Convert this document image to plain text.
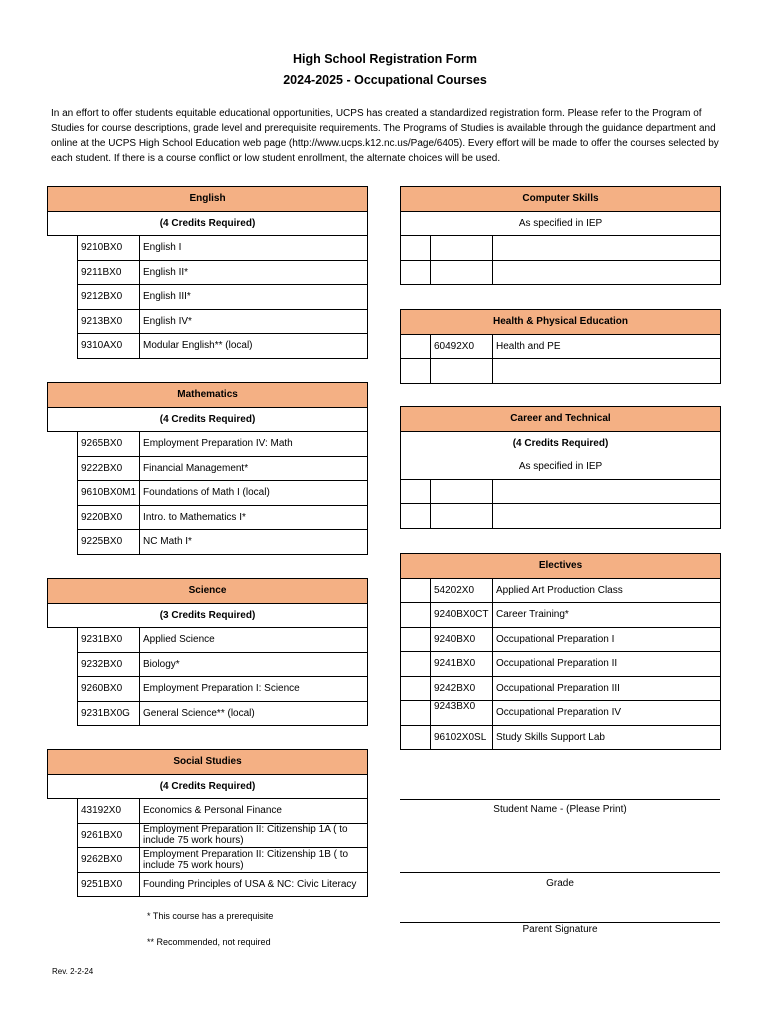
High School Registration Form
2024-2025 - Occupational Courses
In an effort to offer students equitable educational opportunities, UCPS has created a standardized registration form. Please refer to the Program of Studies for course descriptions, grade level and prerequisite requirements. The Programs of Studies is available through the guidance department and online at the UCPS High School Education web page (http://www.ucps.k12.nc.us/Page/6405). Every effort will be made to offer the courses selected by each student. If there is a course conflict or low student enrollment, the alternate choices will be used.
English		
(4 Credits Required)		
	9210BX0	English I
	9211BX0	English II*
	9212BX0	English III*
	9213BX0	English IV*
	9310AX0	Modular English** (local)
Mathematics		
(4 Credits Required)		
	9265BX0	Employment Preparation IV: Math
	9222BX0	Financial Management*
	9610BX0M1	Foundations of Math I (local)
	9220BX0	Intro. to Mathematics I*
	9225BX0	NC Math I*
Science		
(3 Credits Required)		
	9231BX0	Applied Science
	9232BX0	Biology*
	9260BX0	Employment Preparation I: Science
	9231BX0G	General Science** (local)
Social Studies		
(4 Credits Required)		
	43192X0	Economics & Personal Finance
	9261BX0	Employment Preparation II: Citizenship 1A ( to include 75 work hours)
	9262BX0	Employment Preparation II: Citizenship 1B ( to include 75 work hours)
	9251BX0	Founding Principles of USA & NC: Civic Literacy
Computer Skills		
As specified in IEP		

Health & Physical Education		
	60492X0	Health and PE

Career and Technical		
(4 Credits Required)		
As specified in IEP		

Electives		
	54202X0	Applied Art Production Class
	9240BX0CT	Career Training*
	9240BX0	Occupational Preparation I
	9241BX0	Occupational Preparation II
	9242BX0	Occupational Preparation III
	9243BX0	Occupational Preparation IV
	96102X0SL	Study Skills Support Lab
Student Name - (Please Print)
Grade
Parent Signature
* This course has a prerequisite
** Recommended, not required
Rev. 2-2-24
